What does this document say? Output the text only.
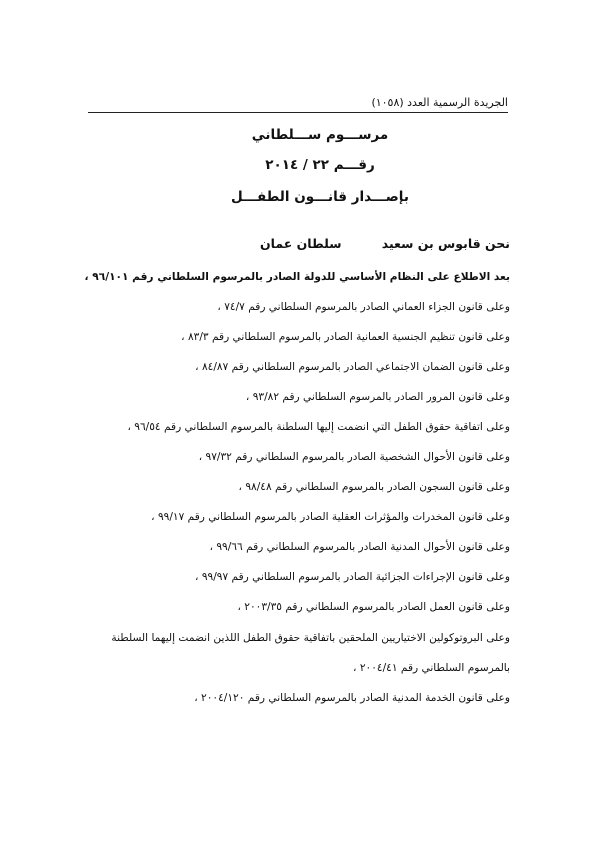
الجريدة الرسمية العدد (١٠٥٨)
مرســـوم ســـلطاني
رقـــم ٢٢ / ٢٠١٤
بإصـــدار قانـــون الطفـــل
نحن قابوس بن سعيد
سلطان عمان
بعد الاطلاع على النظام الأساسي للدولة الصادر بالمرسوم السلطاني رقم ٩٦/١٠١ ،
وعلى قانون الجزاء العماني الصادر بالمرسوم السلطاني رقم ٧٤/٧ ،
وعلى قانون تنظيم الجنسية العمانية الصادر بالمرسوم السلطاني رقم ٨٣/٣ ،
وعلى قانون الضمان الاجتماعي الصادر بالمرسوم السلطاني رقم ٨٤/٨٧ ،
وعلى قانون المرور الصادر بالمرسوم السلطاني رقم ٩٣/٨٢ ،
وعلى اتفاقية حقوق الطفل التي انضمت إليها السلطنة بالمرسوم السلطاني رقم ٩٦/٥٤ ،
وعلى قانون الأحوال الشخصية الصادر بالمرسوم السلطاني رقم ٩٧/٣٢ ،
وعلى قانون السجون الصادر بالمرسوم السلطاني رقم ٩٨/٤٨ ،
وعلى قانون المخدرات والمؤثرات العقلية الصادر بالمرسوم السلطاني رقم ٩٩/١٧ ،
وعلى قانون الأحوال المدنية الصادر بالمرسوم السلطاني رقم ٩٩/٦٦ ،
وعلى قانون الإجراءات الجزائية الصادر بالمرسوم السلطاني رقم ٩٩/٩٧ ،
وعلى قانون العمل الصادر بالمرسوم السلطاني رقم ٢٠٠٣/٣٥ ،
وعلى البروتوكولين الاختياريين الملحقين باتفاقية حقوق الطفل اللذين انضمت إليهما السلطنة بالمرسوم السلطاني رقم ٢٠٠٤/٤١ ،
وعلى قانون الخدمة المدنية الصادر بالمرسوم السلطاني رقم ٢٠٠٤/١٢٠ ،
